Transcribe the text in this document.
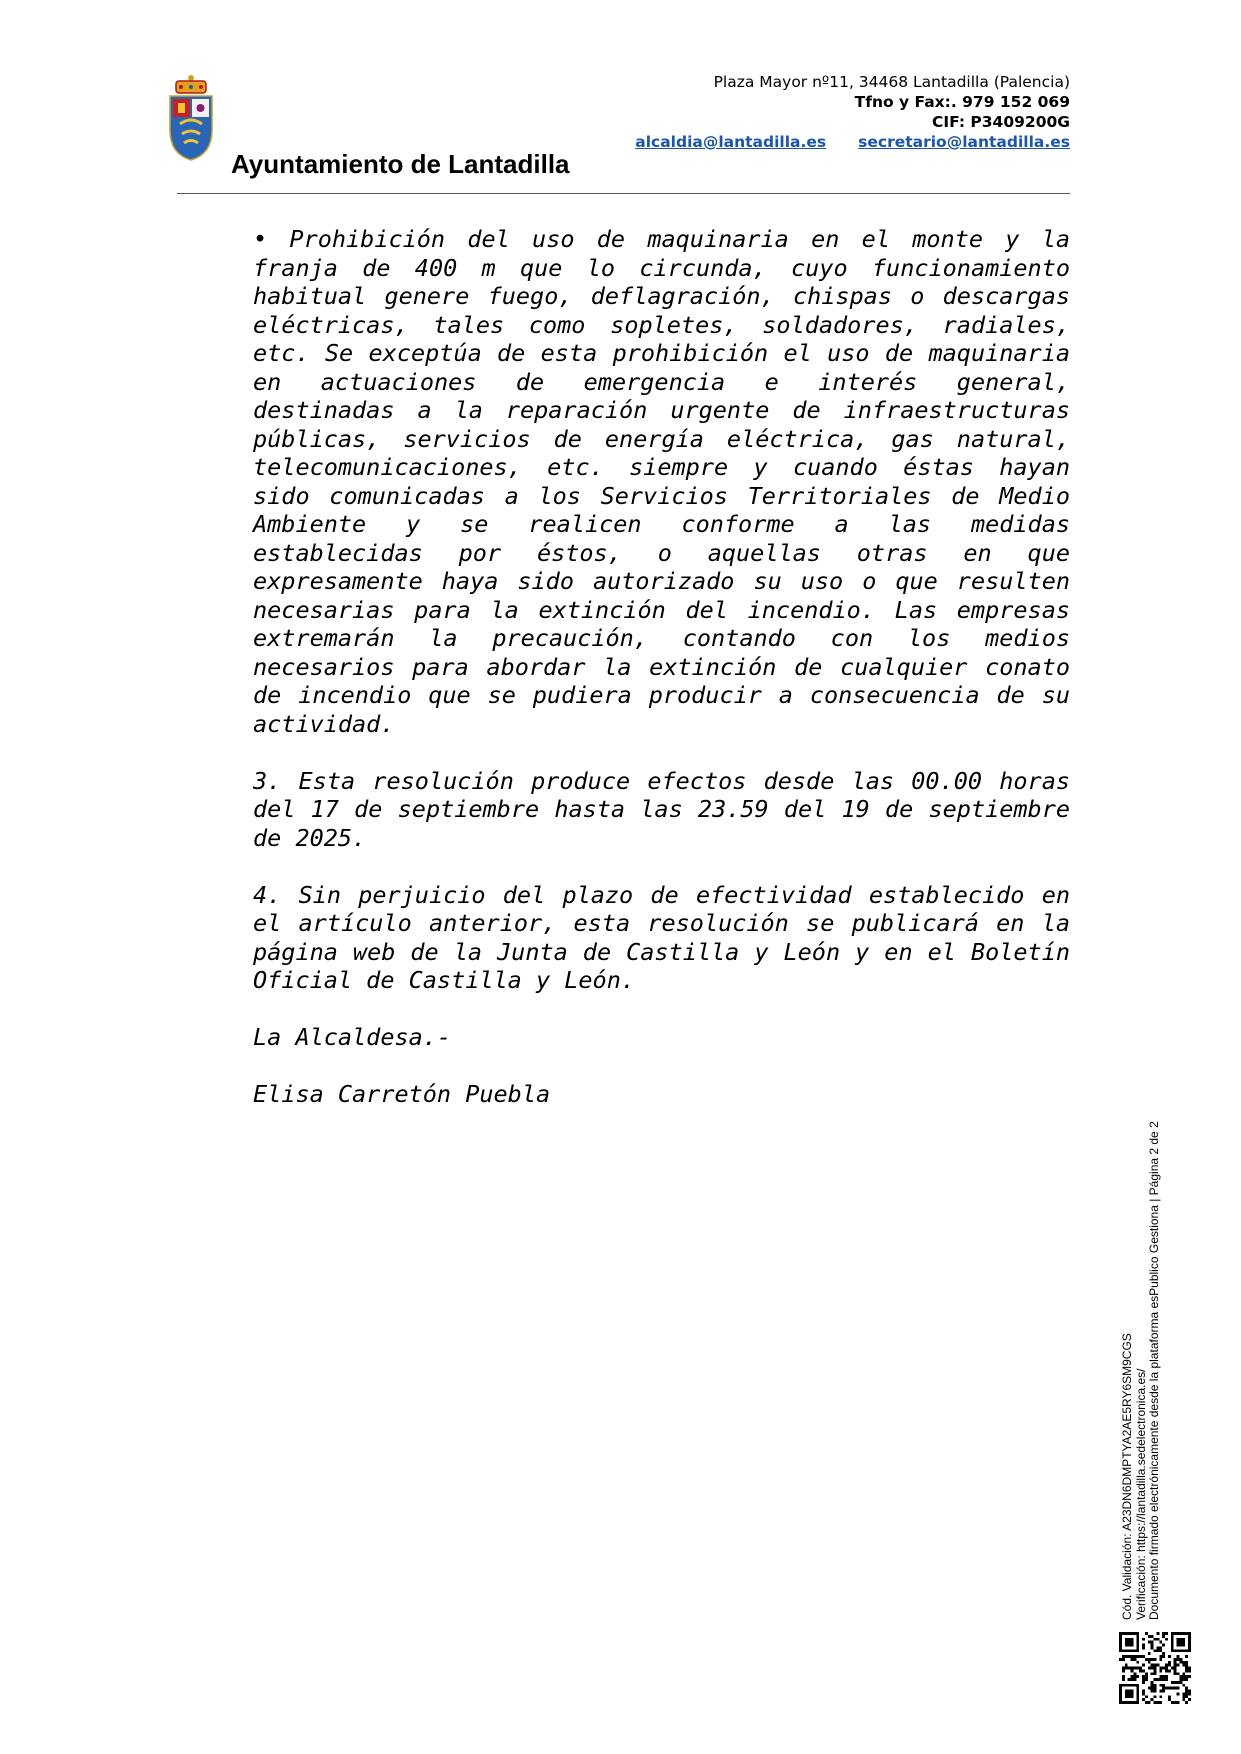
Ayuntamiento de Lantadilla
Plaza Mayor nº11, 34468 Lantadilla (Palencia)
Tfno y Fax:. 979 152 069
CIF: P3409200G
alcaldia@lantadilla.es secretario@lantadilla.es

• Prohibición del uso de maquinaria en el monte y la franja de 400 m que lo circunda, cuyo funcionamiento habitual genere fuego, deflagración, chispas o descargas eléctricas, tales como sopletes, soldadores, radiales, etc. Se exceptúa de esta prohibición el uso de maquinaria en actuaciones de emergencia e interés general, destinadas a la reparación urgente de infraestructuras públicas, servicios de energía eléctrica, gas natural, telecomunicaciones, etc. siempre y cuando éstas hayan sido comunicadas a los Servicios Territoriales de Medio Ambiente y se realicen conforme a las medidas establecidas por éstos, o aquellas otras en que expresamente haya sido autorizado su uso o que resulten necesarias para la extinción del incendio. Las empresas extremarán la precaución, contando con los medios necesarios para abordar la extinción de cualquier conato de incendio que se pudiera producir a consecuencia de su actividad.

3. Esta resolución produce efectos desde las 00.00 horas del 17 de septiembre hasta las 23.59 del 19 de septiembre de 2025.

4. Sin perjuicio del plazo de efectividad establecido en el artículo anterior, esta resolución se publicará en la página web de la Junta de Castilla y León y en el Boletín Oficial de Castilla y León.

La Alcaldesa.-

Elisa Carretón Puebla

Cód. Validación: A23DN6DMPTYA2AE5RY6SM9CGS Verificación: https://lantadilla.sedelectronica.es/ Documento firmado electrónicamente desde la plataforma esPublico Gestiona | Página 2 de 2
